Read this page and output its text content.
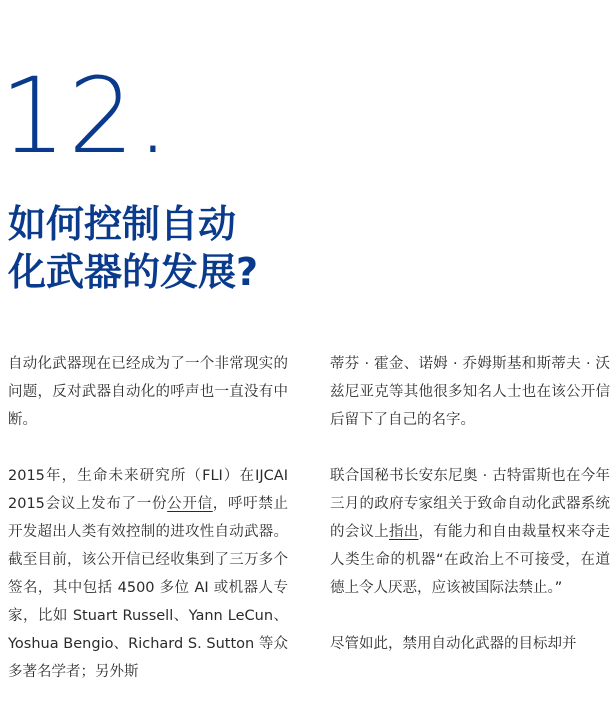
12.
如何控制自动
化武器的发展?

自动化武器现在已经成为了一个非常现实的问题，反对武器自动化的呼声也一直没有中断。

2015年，生命未来研究所（FLI）在IJCAI 2015会议上发布了一份公开信，呼吁禁止开发超出人类有效控制的进攻性自动武器。截至目前，该公开信已经收集到了三万多个签名，其中包括 4500 多位 AI 或机器人专家，比如 Stuart Russell、Yann LeCun、Yoshua Bengio、Richard S. Sutton 等众多著名学者；另外斯

蒂芬 · 霍金、诺姆 · 乔姆斯基和斯蒂夫 · 沃兹尼亚克等其他很多知名人士也在该公开信后留下了自己的名字。

联合国秘书长安东尼奥 · 古特雷斯也在今年三月的政府专家组关于致命自动化武器系统的会议上指出，有能力和自由裁量权来夺走人类生命的机器“在政治上不可接受，在道德上令人厌恶，应该被国际法禁止。”

尽管如此，禁用自动化武器的目标却并
